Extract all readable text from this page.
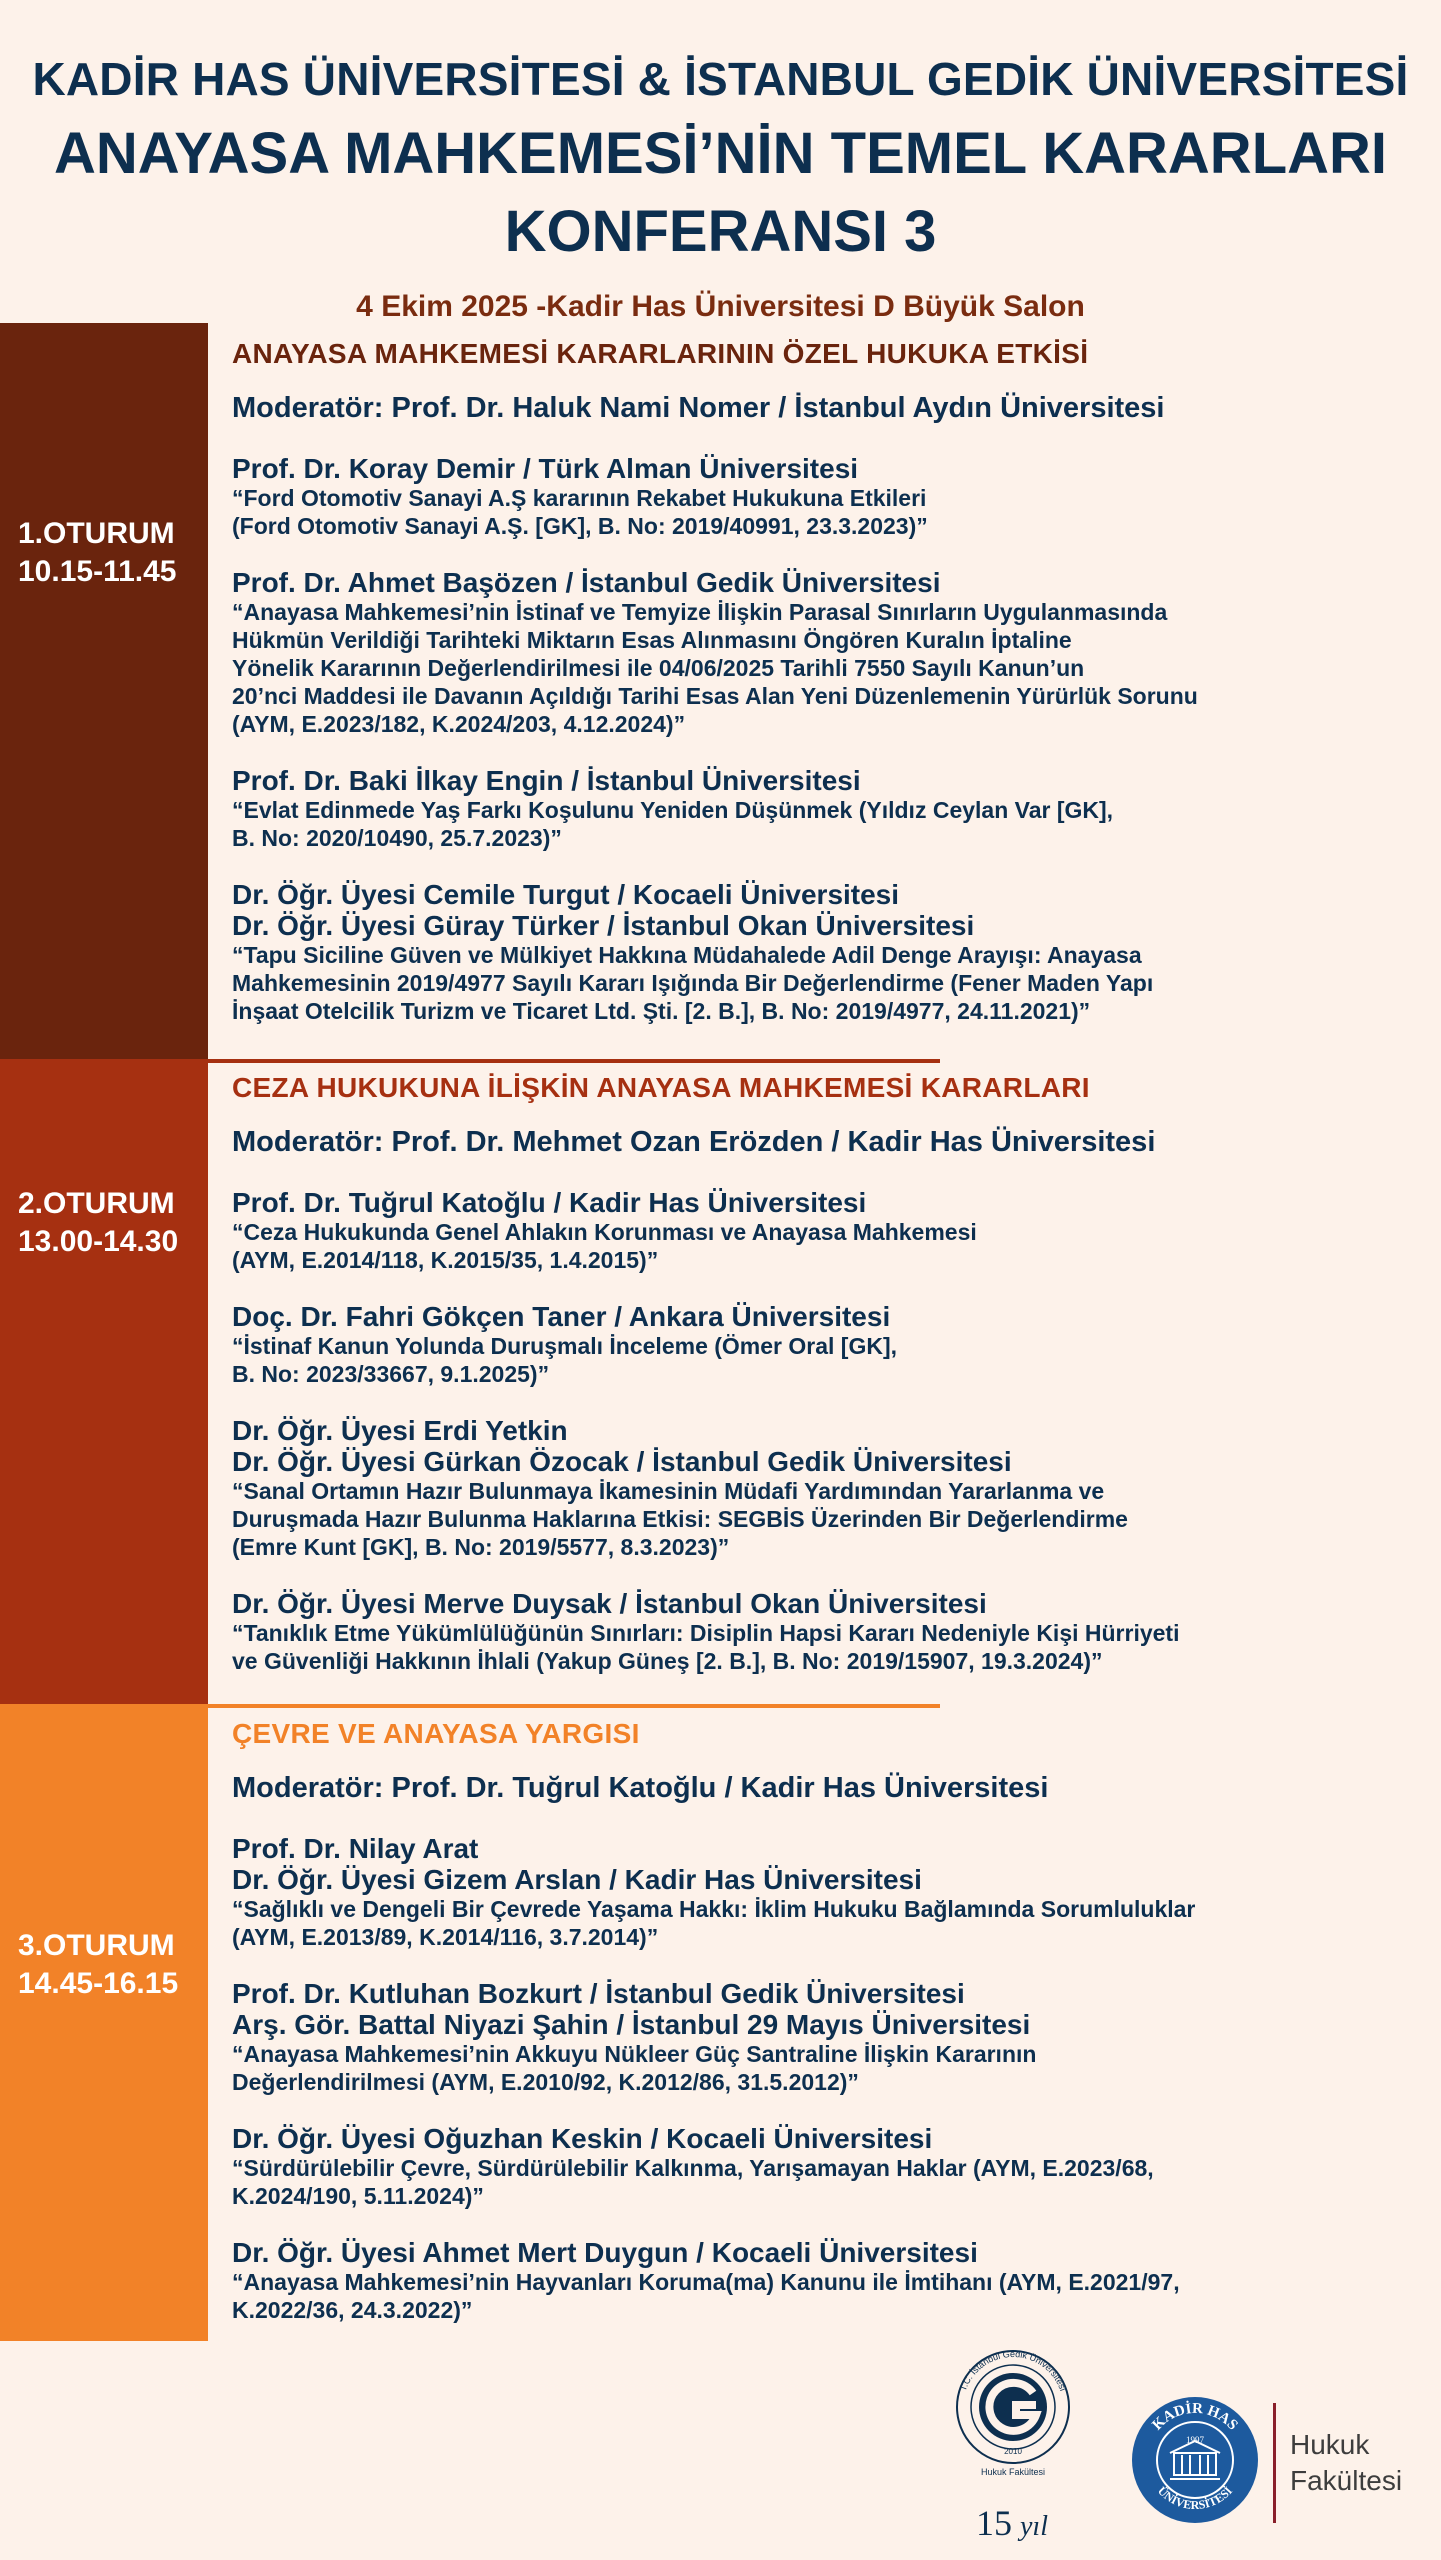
KADİR HAS ÜNİVERSİTESİ & İSTANBUL GEDİK ÜNİVERSİTESİ
ANAYASA MAHKEMESİ’NİN TEMEL KARARLARI
KONFERANSI 3
4 Ekim 2025 -Kadir Has Üniversitesi D Büyük Salon
1.OTURUM
10.15-11.45
2.OTURUM
13.00-14.30
3.OTURUM
14.45-16.15
ANAYASA MAHKEMESİ KARARLARININ ÖZEL HUKUKA ETKİSİ
Moderatör: Prof. Dr. Haluk Nami Nomer / İstanbul Aydın Üniversitesi
Prof. Dr. Koray Demir / Türk Alman Üniversitesi
“Ford Otomotiv Sanayi A.Ş kararının Rekabet Hukukuna Etkileri
(Ford Otomotiv Sanayi A.Ş. [GK], B. No: 2019/40991, 23.3.2023)”
Prof. Dr. Ahmet Başözen / İstanbul Gedik Üniversitesi
“Anayasa Mahkemesi’nin İstinaf ve Temyize İlişkin Parasal Sınırların Uygulanmasında
Hükmün Verildiği Tarihteki Miktarın Esas Alınmasını Öngören Kuralın İptaline
Yönelik Kararının Değerlendirilmesi ile 04/06/2025 Tarihli 7550 Sayılı Kanun’un
20’nci Maddesi ile Davanın Açıldığı Tarihi Esas Alan Yeni Düzenlemenin Yürürlük Sorunu
(AYM, E.2023/182, K.2024/203, 4.12.2024)”
Prof. Dr. Baki İlkay Engin / İstanbul Üniversitesi
“Evlat Edinmede Yaş Farkı Koşulunu Yeniden Düşünmek (Yıldız Ceylan Var [GK],
B. No: 2020/10490, 25.7.2023)”
Dr. Öğr. Üyesi Cemile Turgut / Kocaeli Üniversitesi
Dr. Öğr. Üyesi Güray Türker / İstanbul Okan Üniversitesi
“Tapu Siciline Güven ve Mülkiyet Hakkına Müdahalede Adil Denge Arayışı: Anayasa
Mahkemesinin 2019/4977 Sayılı Kararı Işığında Bir Değerlendirme (Fener Maden Yapı
İnşaat Otelcilik Turizm ve Ticaret Ltd. Şti. [2. B.], B. No: 2019/4977, 24.11.2021)”
CEZA HUKUKUNA İLİŞKİN ANAYASA MAHKEMESİ KARARLARI
Moderatör: Prof. Dr. Mehmet Ozan Erözden / Kadir Has Üniversitesi
Prof. Dr. Tuğrul Katoğlu / Kadir Has Üniversitesi
“Ceza Hukukunda Genel Ahlakın Korunması ve Anayasa Mahkemesi
(AYM, E.2014/118, K.2015/35, 1.4.2015)”
Doç. Dr. Fahri Gökçen Taner / Ankara Üniversitesi
“İstinaf Kanun Yolunda Duruşmalı İnceleme (Ömer Oral [GK],
B. No: 2023/33667, 9.1.2025)”
Dr. Öğr. Üyesi Erdi Yetkin
Dr. Öğr. Üyesi Gürkan Özocak / İstanbul Gedik Üniversitesi
“Sanal Ortamın Hazır Bulunmaya İkamesinin Müdafi Yardımından Yararlanma ve
Duruşmada Hazır Bulunma Haklarına Etkisi: SEGBİS Üzerinden Bir Değerlendirme
(Emre Kunt [GK], B. No: 2019/5577, 8.3.2023)”
Dr. Öğr. Üyesi Merve Duysak / İstanbul Okan Üniversitesi
“Tanıklık Etme Yükümlülüğünün Sınırları: Disiplin Hapsi Kararı Nedeniyle Kişi Hürriyeti
ve Güvenliği Hakkının İhlali (Yakup Güneş [2. B.], B. No: 2019/15907, 19.3.2024)”
ÇEVRE VE ANAYASA YARGISI
Moderatör: Prof. Dr. Tuğrul Katoğlu / Kadir Has Üniversitesi
Prof. Dr. Nilay Arat
Dr. Öğr. Üyesi Gizem Arslan / Kadir Has Üniversitesi
“Sağlıklı ve Dengeli Bir Çevrede Yaşama Hakkı: İklim Hukuku Bağlamında Sorumluluklar
(AYM, E.2013/89, K.2014/116, 3.7.2014)”
Prof. Dr. Kutluhan Bozkurt / İstanbul Gedik Üniversitesi
Arş. Gör. Battal Niyazi Şahin / İstanbul 29 Mayıs Üniversitesi
“Anayasa Mahkemesi’nin Akkuyu Nükleer Güç Santraline İlişkin Kararının
Değerlendirilmesi (AYM, E.2010/92, K.2012/86, 31.5.2012)”
Dr. Öğr. Üyesi Oğuzhan Keskin / Kocaeli Üniversitesi
“Sürdürülebilir Çevre, Sürdürülebilir Kalkınma, Yarışamayan Haklar (AYM, E.2023/68,
K.2024/190, 5.11.2024)”
Dr. Öğr. Üyesi Ahmet Mert Duygun / Kocaeli Üniversitesi
“Anayasa Mahkemesi’nin Hayvanları Koruma(ma) Kanunu ile İmtihanı (AYM, E.2021/97,
K.2022/36, 24.3.2022)”
T.C. İstanbul Gedik Üniversitesi
2010
Hukuk Fakültesi
15 yıl
KADİR HAS
ÜNİVERSİTESİ
1997	Hukuk
Fakültesi
